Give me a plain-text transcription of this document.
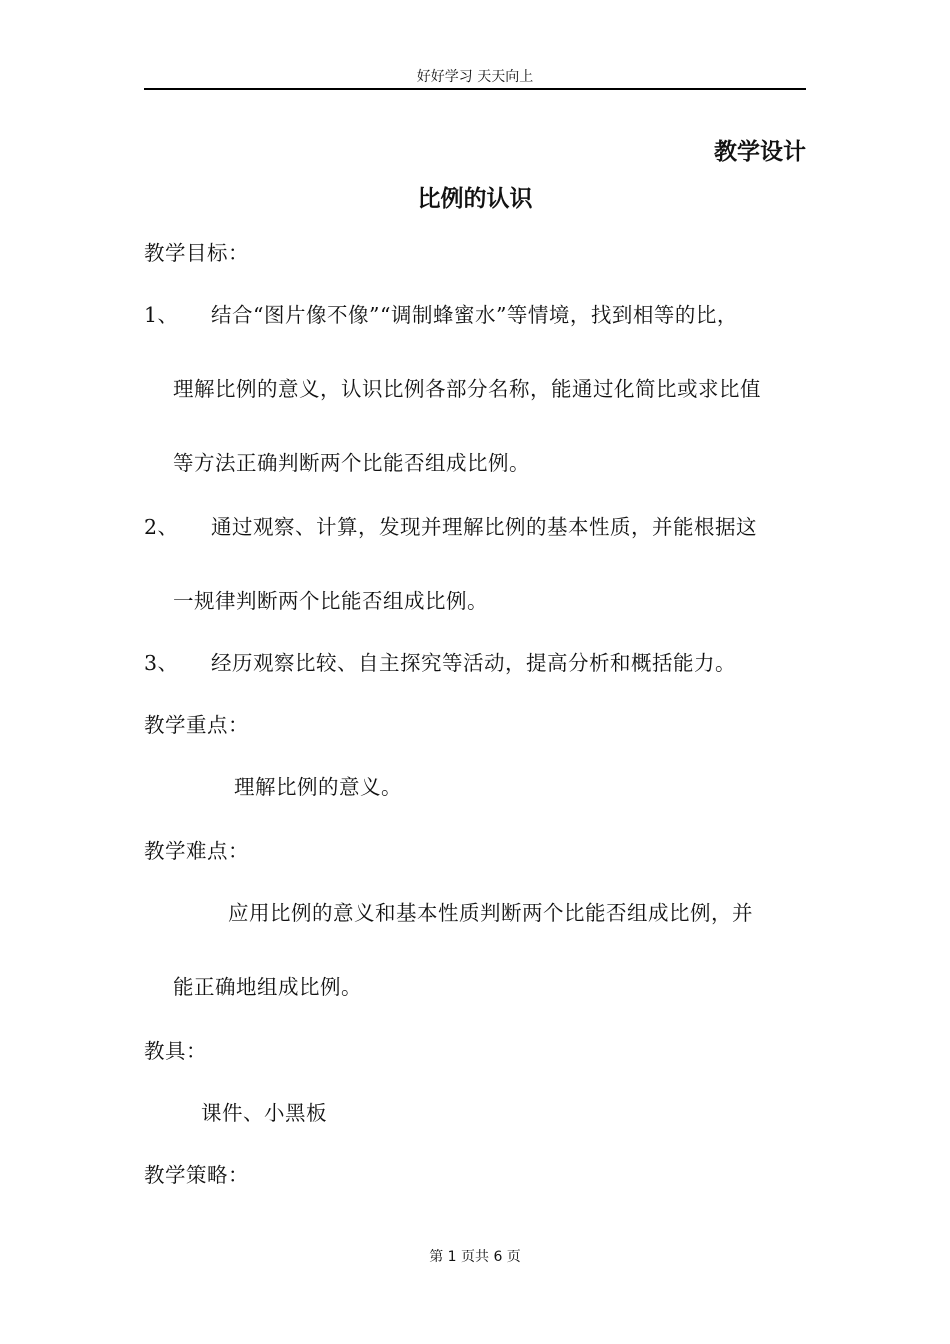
好好学习 天天向上
教学设计
比例的认识
教学目标：
1、 结合“图片像不像”“调制蜂蜜水”等情境，找到相等的比，
理解比例的意义，认识比例各部分名称，能通过化简比或求比值
等方法正确判断两个比能否组成比例。
2、 通过观察、计算，发现并理解比例的基本性质，并能根据这
一规律判断两个比能否组成比例。
3、 经历观察比较、自主探究等活动，提高分析和概括能力。
教学重点：
理解比例的意义。
教学难点：
应用比例的意义和基本性质判断两个比能否组成比例，并
能正确地组成比例。
教具：
课件、小黑板
教学策略：
第 1 页共 6 页
